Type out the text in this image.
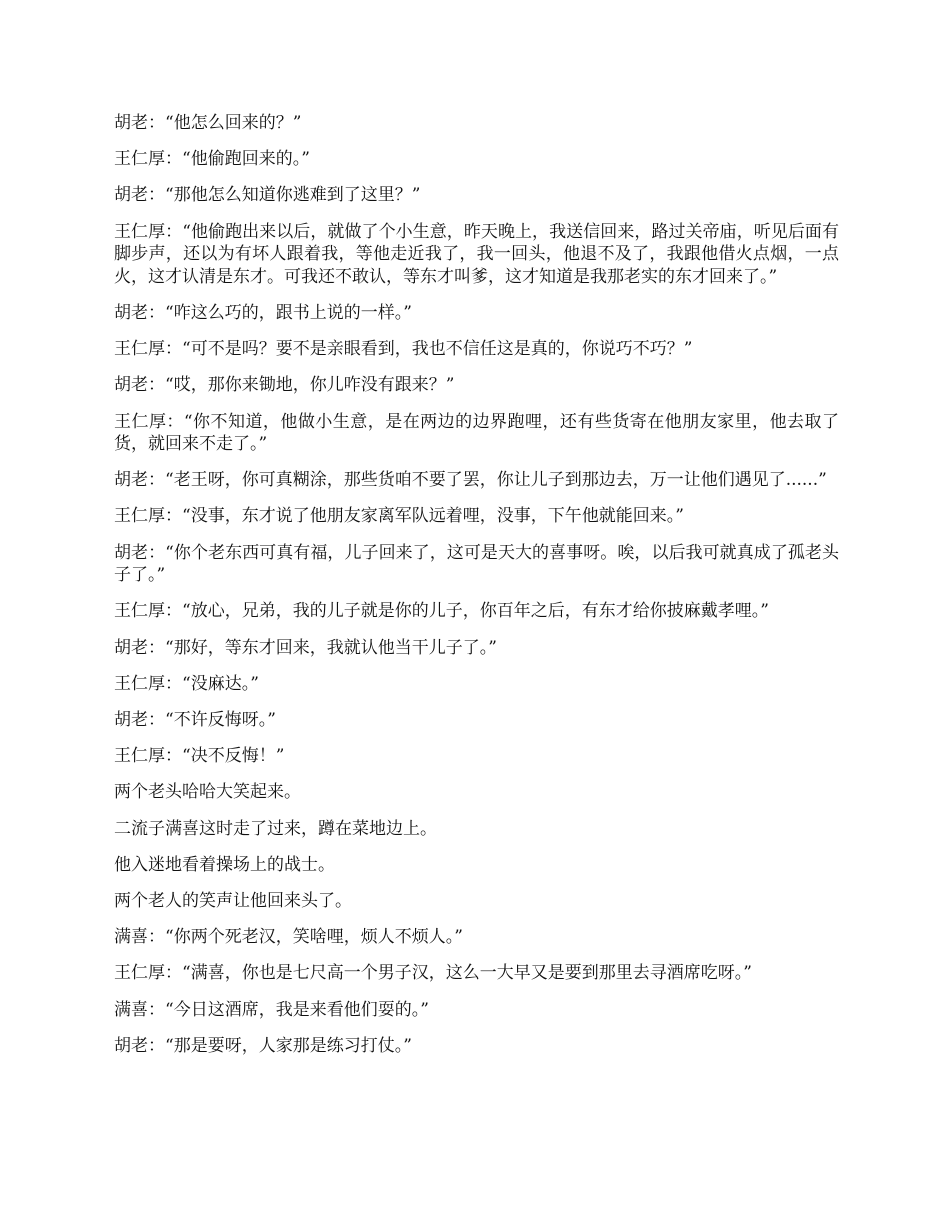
胡老：“他怎么回来的？”

王仁厚：“他偷跑回来的。”

胡老：“那他怎么知道你逃难到了这里？”

王仁厚：“他偷跑出来以后，就做了个小生意，昨天晚上，我送信回来，路过关帝庙，听见后面有脚步声，还以为有坏人跟着我，等他走近我了，我一回头，他退不及了，我跟他借火点烟，一点火，这才认清是东才。可我还不敢认，等东才叫爹，这才知道是我那老实的东才回来了。”

胡老：“咋这么巧的，跟书上说的一样。”

王仁厚：“可不是吗？要不是亲眼看到，我也不信任这是真的，你说巧不巧？”

胡老：“哎，那你来锄地，你儿咋没有跟来？”

王仁厚：“你不知道，他做小生意，是在两边的边界跑哩，还有些货寄在他朋友家里，他去取了货，就回来不走了。”

胡老：“老王呀，你可真糊涂，那些货咱不要了罢，你让儿子到那边去，万一让他们遇见了......”

王仁厚：“没事，东才说了他朋友家离军队远着哩，没事，下午他就能回来。”

胡老：“你个老东西可真有福，儿子回来了，这可是天大的喜事呀。唉，以后我可就真成了孤老头子了。”

王仁厚：“放心，兄弟，我的儿子就是你的儿子，你百年之后，有东才给你披麻戴孝哩。”

胡老：“那好，等东才回来，我就认他当干儿子了。”

王仁厚：“没麻达。”

胡老：“不许反悔呀。”

王仁厚：“决不反悔！”

两个老头哈哈大笑起来。

二流子满喜这时走了过来，蹲在菜地边上。

他入迷地看着操场上的战士。

两个老人的笑声让他回来头了。

满喜：“你两个死老汉，笑啥哩，烦人不烦人。”

王仁厚：“满喜，你也是七尺高一个男子汉，这么一大早又是要到那里去寻酒席吃呀。”

满喜：“今日这酒席，我是来看他们耍的。”

胡老：“那是要呀，人家那是练习打仗。”
